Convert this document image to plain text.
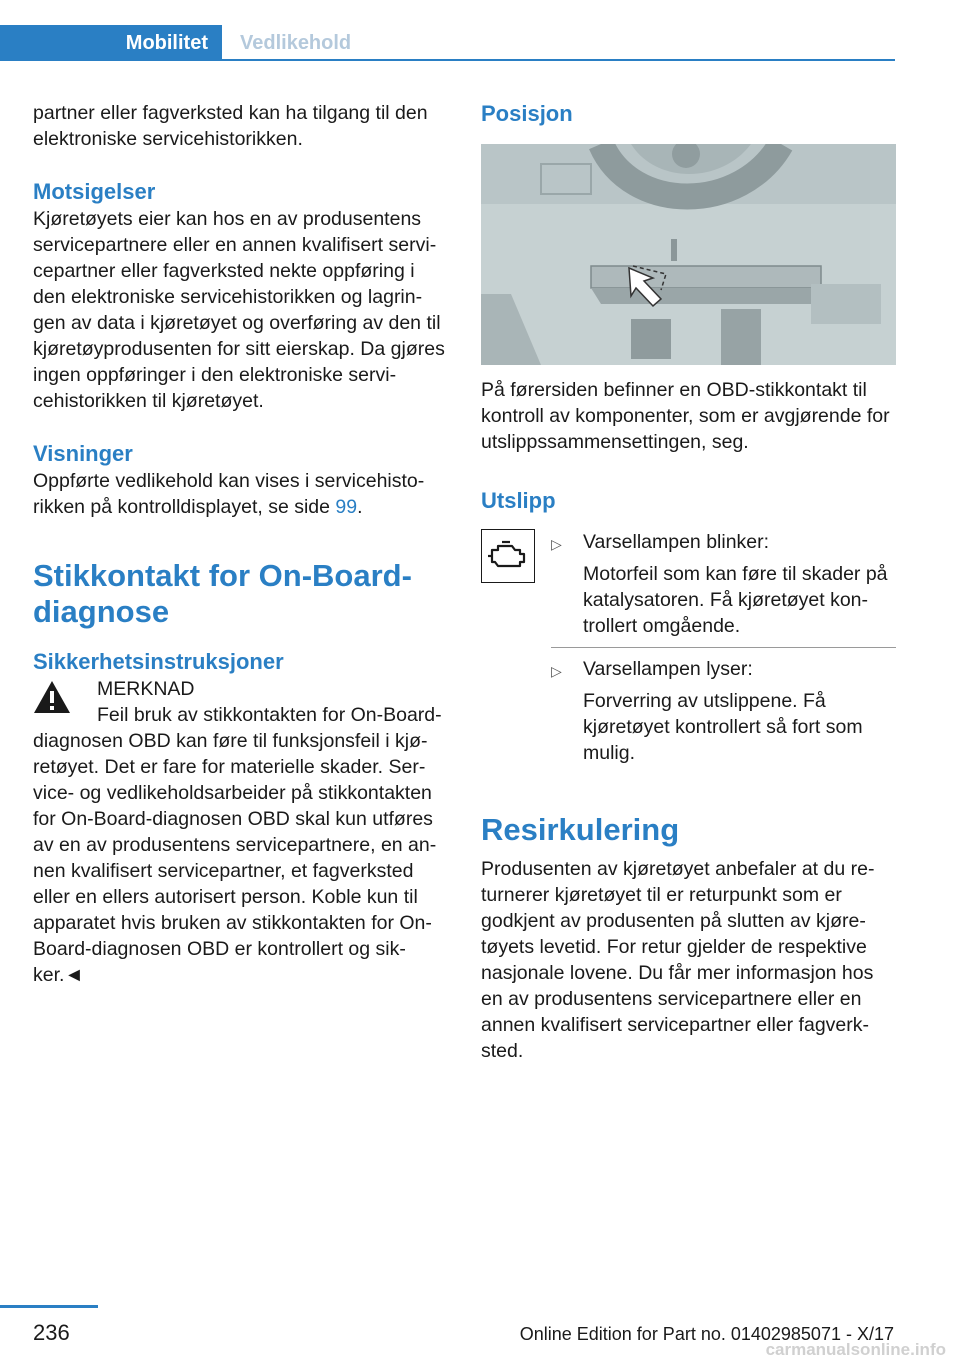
Mobilitet	Vedlikehold

partner eller fagverksted kan ha tilgang til den elektroniske servicehistorikken.

Motsigelser

Kjøretøyets eier kan hos en av produsentens servicepartnere eller en annen kvalifisert servicepartner eller fagverksted nekte oppføring i den elektroniske servicehistorikken og lagringen av data i kjøretøyet og overføring av den til kjøretøyprodusenten for sitt eierskap. Da gjøres ingen oppføringer i den elektroniske servicehistorikken til kjøretøyet.

Visninger

Oppførte vedlikehold kan vises i servicehistorikken på kontrolldisplayet, se side 99.

Stikkontakt for On-Board-diagnose
Sikkerhetsinstruksjoner

MERKNAD

Feil bruk av stikkontakten for On-Board-diagnosen OBD kan føre til funksjonsfeil i kjøretøyet. Det er fare for materielle skader. Service- og vedlikeholdsarbeider på stikkontakten for On-Board-diagnosen OBD skal kun utføres av en av produsentens servicepartnere, en annen kvalifisert servicepartner, et fagverksted eller en ellers autorisert person. Koble kun til apparatet hvis bruken av stikkontakten for On-Board-diagnosen OBD er kontrollert og sikker.◄

Posisjon

På førersiden befinner en OBD-stikkontakt til kontroll av komponenter, som er avgjørende for utslippssammensettingen, seg.

Utslipp
▷	Varsellampen blinker:

Motorfeil som kan føre til skader på katalysatoren. Få kjøretøyet kontrollert omgående.

▷	Varsellampen lyser:

Forverring av utslippene. Få kjøretøyet kontrollert så fort som mulig.

Resirkulering

Produsenten av kjøretøyet anbefaler at du returnerer kjøretøyet til er returpunkt som er godkjent av produsenten på slutten av kjøretøyets levetid. For retur gjelder de respektive nasjonale lovene. Du får mer informasjon hos en av produsentens servicepartnere eller en annen kvalifisert servicepartner eller fagverksted.

236	Online Edition for Part no. 01402985071 - X/17
carmanualsonline.info
